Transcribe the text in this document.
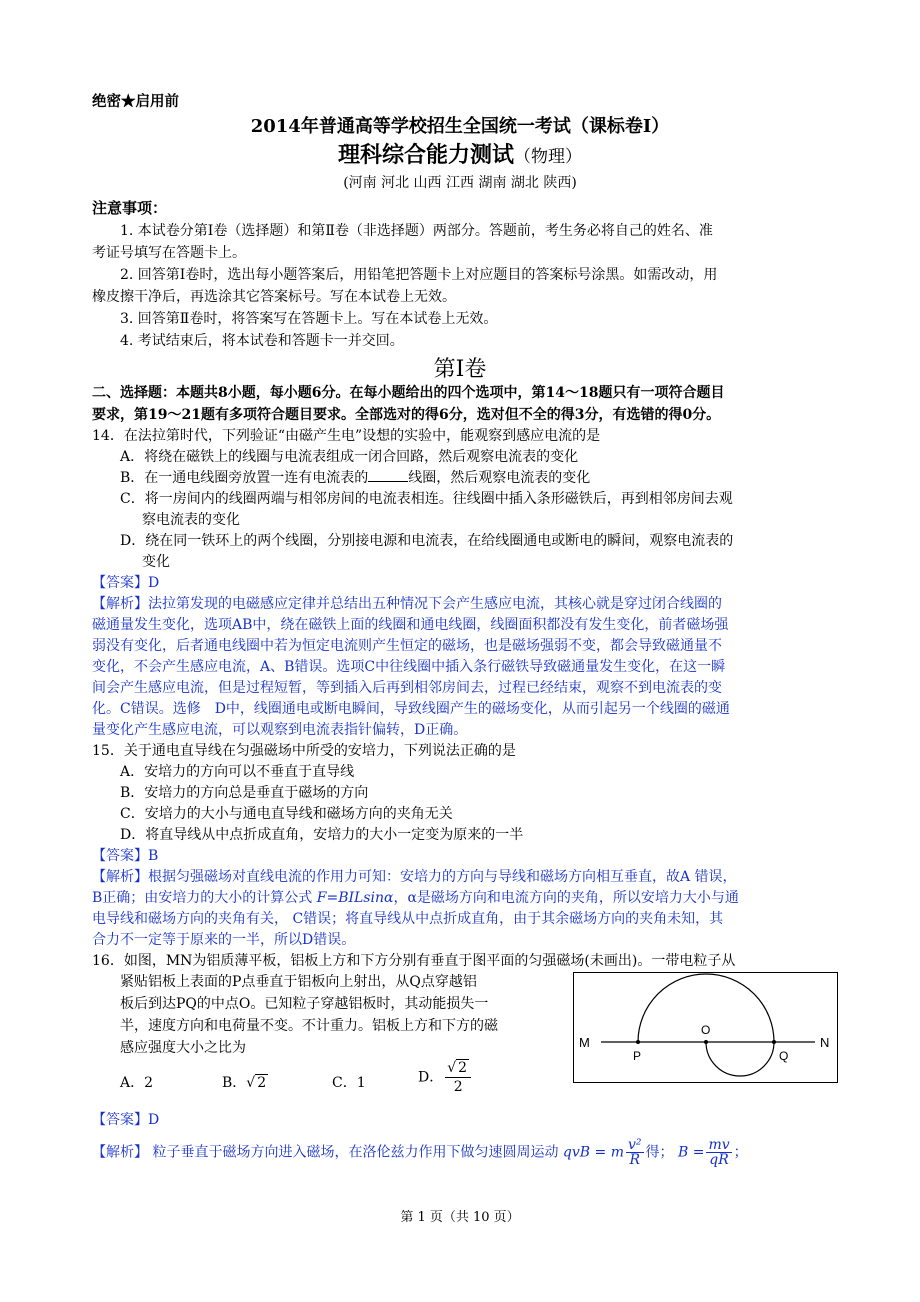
绝密★启用前

2014年普通高等学校招生全国统一考试（课标卷I）

理科综合能力测试（物理）

(河南 河北 山西 江西 湖南 湖北 陕西)

注意事项：

1. 本试卷分第Ⅰ卷（选择题）和第Ⅱ卷（非选择题）两部分。答题前，考生务必将自己的姓名、准

考证号填写在答题卡上。

2. 回答第Ⅰ卷时，选出每小题答案后，用铅笔把答题卡上对应题目的答案标号涂黑。如需改动，用

橡皮擦干净后，再选涂其它答案标号。写在本试卷上无效。

3. 回答第Ⅱ卷时，将答案写在答题卡上。写在本试卷上无效。

4. 考试结束后，将本试卷和答题卡一并交回。

第Ⅰ卷

二、选择题：本题共8小题，每小题6分。在每小题给出的四个选项中，第14～18题只有一项符合题目

要求，第19～21题有多项符合题目要求。全部选对的得6分，选对但不全的得3分，有选错的得0分。

14．在法拉第时代，下列验证“由磁产生电”设想的实验中，能观察到感应电流的是

A．将绕在磁铁上的线圈与电流表组成一闭合回路，然后观察电流表的变化

B．在一通电线圈旁放置一连有电流表的	线圈，然后观察电流表的变化

C．将一房间内的线圈两端与相邻房间的电流表相连。往线圈中插入条形磁铁后，再到相邻房间去观

察电流表的变化

D．绕在同一铁环上的两个线圈，分别接电源和电流表，在给线圈通电或断电的瞬间，观察电流表的

变化

【答案】D

【解析】法拉第发现的电磁感应定律并总结出五种情况下会产生感应电流，其核心就是穿过闭合线圈的

磁通量发生变化，选项AB中，绕在磁铁上面的线圈和通电线圈，线圈面积都没有发生变化，前者磁场强

弱没有变化，后者通电线圈中若为恒定电流则产生恒定的磁场，也是磁场强弱不变，都会导致磁通量不

变化，不会产生感应电流，A、B错误。选项C中往线圈中插入条行磁铁导致磁通量发生变化，在这一瞬

间会产生感应电流，但是过程短暂，等到插入后再到相邻房间去，过程已经结束，观察不到电流表的变

化。C错误。选修　D中，线圈通电或断电瞬间，导致线圈产生的磁场变化，从而引起另一个线圈的磁通

量变化产生感应电流，可以观察到电流表指针偏转，D正确。

15．关于通电直导线在匀强磁场中所受的安培力，下列说法正确的是

A．安培力的方向可以不垂直于直导线

B．安培力的方向总是垂直于磁场的方向

C．安培力的大小与通电直导线和磁场方向的夹角无关

D．将直导线从中点折成直角，安培力的大小一定变为原来的一半

【答案】B

【解析】根据匀强磁场对直线电流的作用力可知：安培力的方向与导线和磁场方向相互垂直，故A 错误，

B正确；由安培力的大小的计算公式 F=BILsinα，α是磁场方向和电流方向的夹角，所以安培力大小与通

电导线和磁场方向的夹角有关， C错误；将直导线从中点折成直角，由于其余磁场方向的夹角未知，其

合力不一定等于原来的一半，所以D错误。

16．如图，MN为铝质薄平板，铝板上方和下方分别有垂直于图平面的匀强磁场(未画出)。一带电粒子从

紧贴铝板上表面的P点垂直于铝板向上射出，从Q点穿越铝

板后到达PQ的中点O。已知粒子穿越铝板时，其动能损失一

半，速度方向和电荷量不变。不计重力。铝板上方和下方的磁

感应强度大小之比为

A．2	B．√ 2	C．1	D． $\frac{√ 2}{2}$
M	N
P
O
Q

【答案】D

【解析】 粒子垂直于磁场方向进入磁场，在洛伦兹力作用下做匀速圆周运动 qvB = m $\frac{\text{v²}}{R}$ 得； $B = \frac{mv}{qR}$ ；

第 1 页（共 10 页）
